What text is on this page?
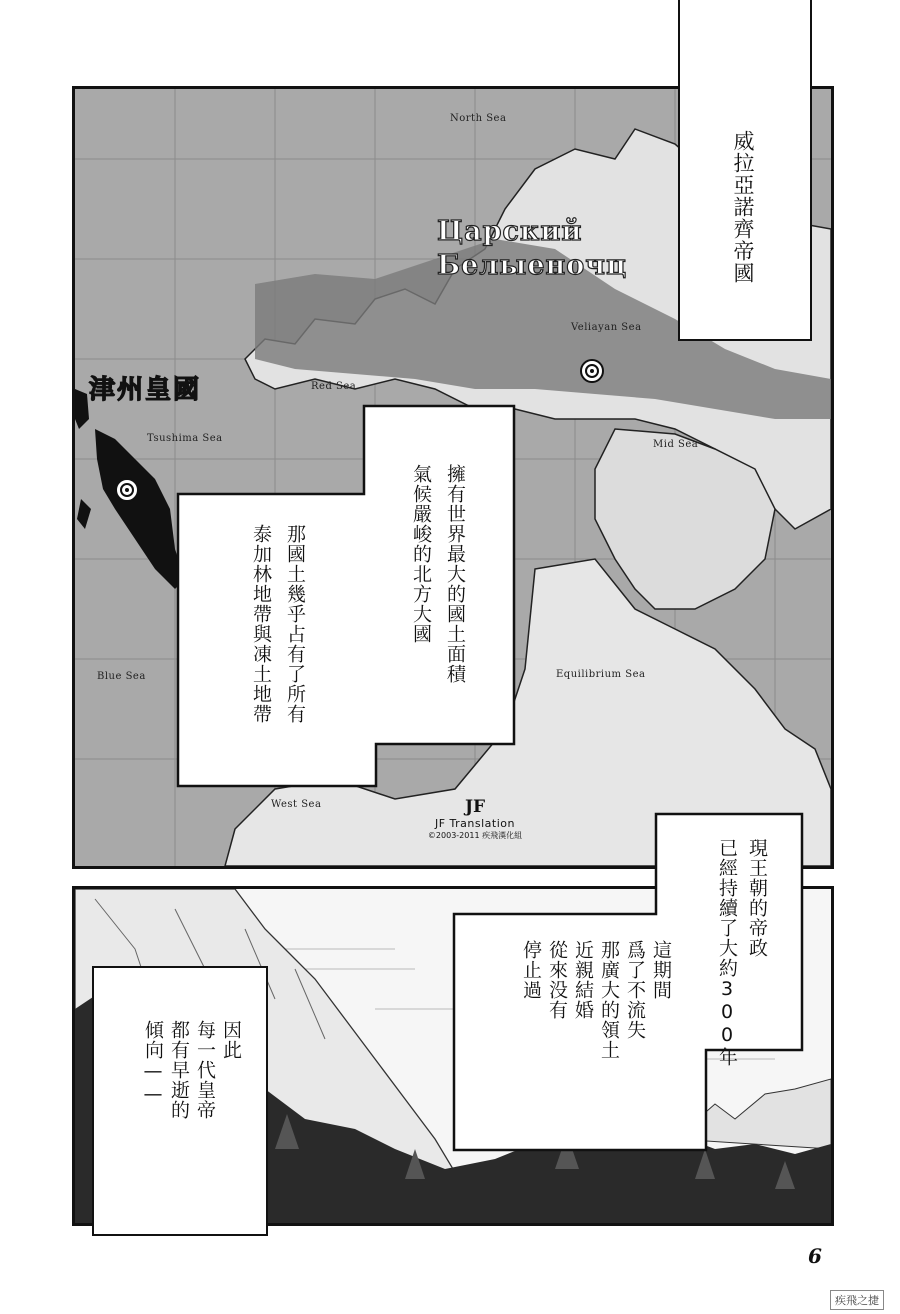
Царский
Белыеночц
津州皇國
North Sea
Veliayan Sea
Red Sea
Tsushima Sea
Mid Sea
Blue Sea	Equilibrium Sea
West Sea	JF
JF Translation
©2003-2011 疾飛漢化組
威拉亞諾齊帝國
擁有世界最大的國土面積
氣候嚴峻的北方大國
那國土幾乎占有了所有
泰加林地帶與凍土地帶
現王朝的帝政
已經持續了大約300年
這期間
爲了不流失
那廣大的領土
近親結婚
從來没有
停止過
因此
每一代皇帝
都有早逝的
傾向——
6
疾飛之捷
